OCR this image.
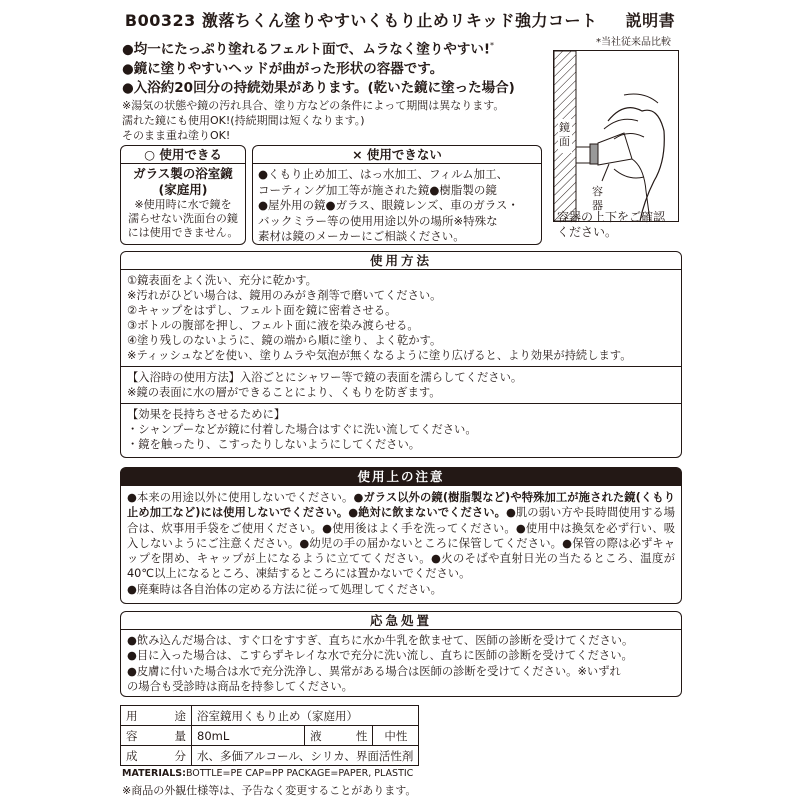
B00323 激落ちくん塗りやすいくもり止めリキッド強力コート 説明書
●均一にたっぷり塗れるフェルト面で、ムラなく塗りやすい!*
●鏡に塗りやすいヘッドが曲がった形状の容器です。
●入浴約20回分の持続効果があります。(乾いた鏡に塗った場合)
※湯気の状態や鏡の汚れ具合、塗り方などの条件によって期間は異なります。
濡れた鏡にも使用OK!(持続期間は短くなります。)
そのまま重ね塗りOK!
*当社従来品比較
鏡面
容器
容器の上下をご確認
ください。
○ 使用できる
ガラス製の浴室鏡
(家庭用)
※使用時に水で鏡を
濡らせない洗面台の鏡
には使用できません。
× 使用できない
●くもり止め加工、はっ水加工、フィルム加工、
コーティング加工等が施された鏡●樹脂製の鏡
●屋外用の鏡●ガラス、眼鏡レンズ、車のガラス・
バックミラー等の使用用途以外の場所※特殊な
素材は鏡のメーカーにご相談ください。
使用方法
①鏡表面をよく洗い、充分に乾かす。
※汚れがひどい場合は、鏡用のみがき剤等で磨いてください。
②キャップをはずし、フェルト面を鏡に密着させる。
③ボトルの腹部を押し、フェルト面に液を染み渡らせる。
④塗り残しのないように、鏡の端から順に塗り、よく乾かす。
※ティッシュなどを使い、塗りムラや気泡が無くなるように塗り広げると、より効果が持続します。
【入浴時の使用方法】入浴ごとにシャワー等で鏡の表面を濡らしてください。
※鏡の表面に水の層ができることにより、くもりを防ぎます。
【効果を長持ちさせるために】
・シャンプーなどが鏡に付着した場合はすぐに洗い流してください。
・鏡を触ったり、こすったりしないようにしてください。
使用上の注意
●本来の用途以外に使用しないでください。●ガラス以外の鏡(樹脂製など)や特殊加工が施された鏡(くもり止め加工など)には使用しないでください。●絶対に飲まないでください。●肌の弱い方や長時間使用する場合は、炊事用手袋をご使用ください。●使用後はよく手を洗ってください。●使用中は換気を必ず行い、吸入しないようにご注意ください。●幼児の手の届かないところに保管してください。●保管の際は必ずキャップを閉め、キャップが上になるように立ててください。●火のそばや直射日光の当たるところ、温度が40℃以上になるところ、凍結するところには置かないでください。
●廃棄時は各自治体の定める方法に従って処理してください。
応急処置
●飲み込んだ場合は、すぐ口をすすぎ、直ちに水か牛乳を飲ませて、医師の診断を受けてください。
●目に入った場合は、こすらずキレイな水で充分に洗い流し、直ちに医師の診断を受けてください。
●皮膚に付いた場合は水で充分洗浄し、異常がある場合は医師の診断を受けてください。※いずれ
の場合も受診時は商品を持参してください。
用途	浴室鏡用くもり止め（家庭用）		
容量	80mL	液性	中性
成分	水、多価アルコール、シリカ、界面活性剤		
MATERIALS:BOTTLE=PE CAP=PP PACKAGE=PAPER, PLASTIC
※商品の外観仕様等は、予告なく変更することがあります。
